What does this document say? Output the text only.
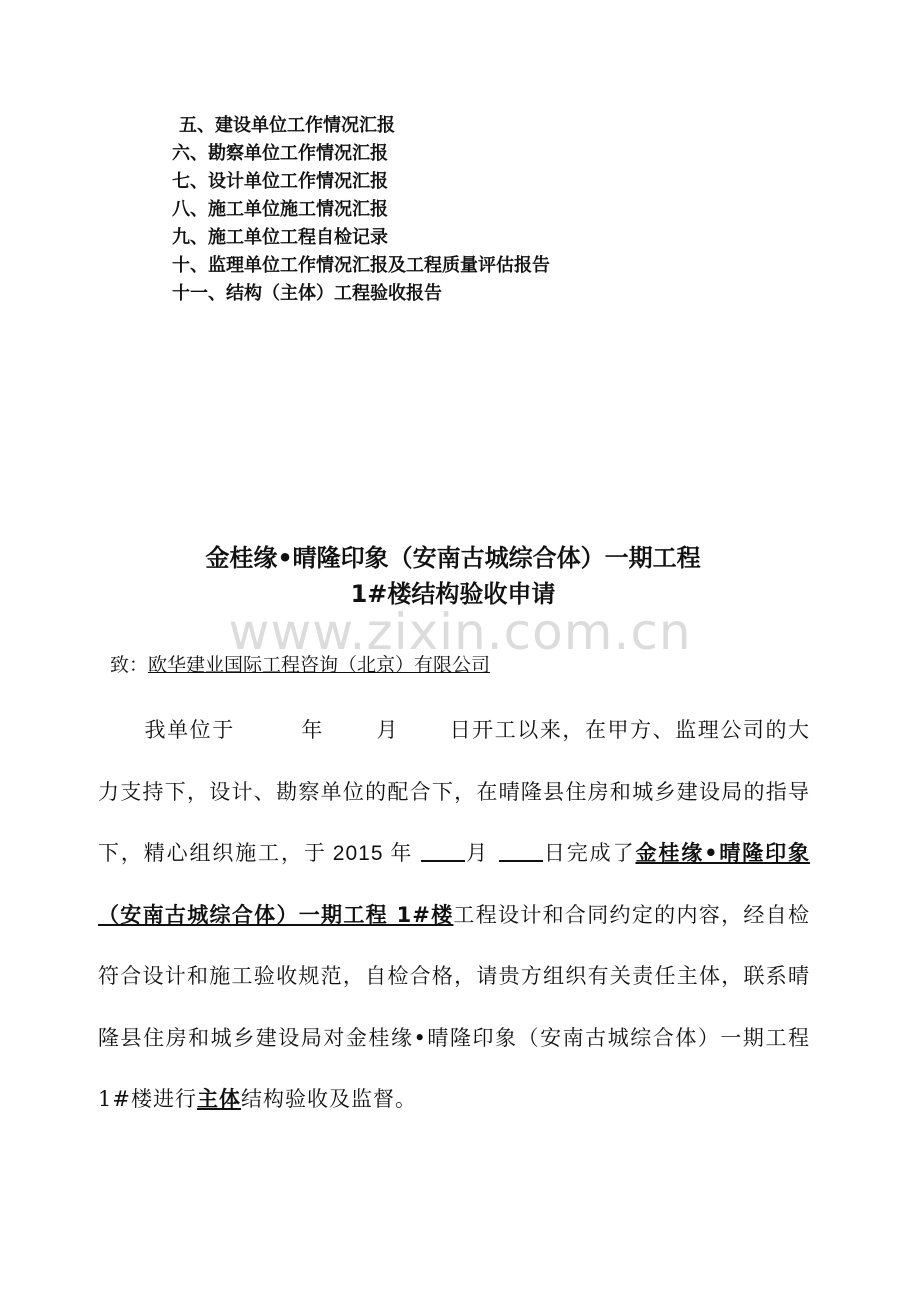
五、建设单位工作情况汇报
六、勘察单位工作情况汇报
七、设计单位工作情况汇报
八、施工单位施工情况汇报
九、施工单位工程自检记录
十、监理单位工作情况汇报及工程质量评估报告
十一、结构（主体）工程验收报告
www.zixin.com.cn
金桂缘•晴隆印象（安南古城综合体）一期工程
1#楼结构验收申请
致：欧华建业国际工程咨询（北京）有限公司
我单位于	年 月 日开工以来，在甲方、监理公司的大力支持下，设计、勘察单位的配合下，在晴隆县住房和城乡建设局的指导下，精心组织施工，于 2015 年 月	日完成了金桂缘•晴隆印象（安南古城综合体）一期工程 1#楼工程设计和合同约定的内容，经自检符合设计和施工验收规范，自检合格，请贵方组织有关责任主体，联系晴隆县住房和城乡建设局对金桂缘•晴隆印象（安南古城综合体）一期工程 1#楼进行主体结构验收及监督。
